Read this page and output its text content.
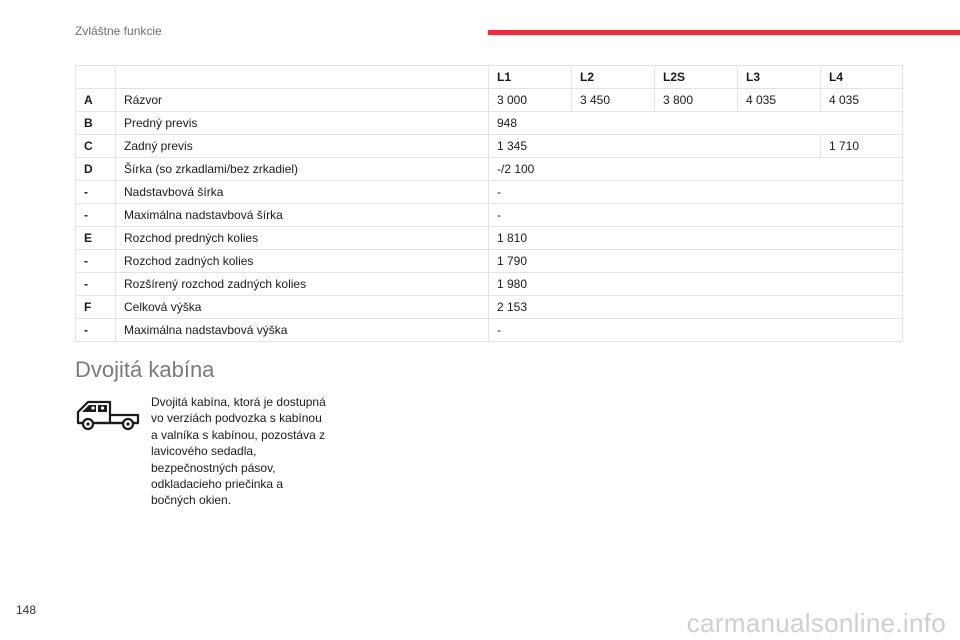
Zvláštne funkcie
		L1	L2	L2S	L3	L4
A	Rázvor	3 000	3 450	3 800	4 035	4 035
B	Predný previs	948				
C	Zadný previs	1 345				1 710
D	Šírka (so zrkadlami/bez zrkadiel)	-/2 100				
-	Nadstavbová šírka	-				
-	Maximálna nadstavbová šírka	-				
E	Rozchod predných kolies	1 810				
-	Rozchod zadných kolies	1 790				
-	Rozšírený rozchod zadných kolies	1 980				
F	Celková výška	2 153				
-	Maximálna nadstavbová výška	-				
Dvojitá kabína
Dvojitá kabína, ktorá je dostupná vo verziách podvozka s kabínou a valníka s kabínou, pozostáva z lavicového sedadla, bezpečnostných pásov, odkladacieho priečinka a bočných okien.
148	carmanualsonline.info
